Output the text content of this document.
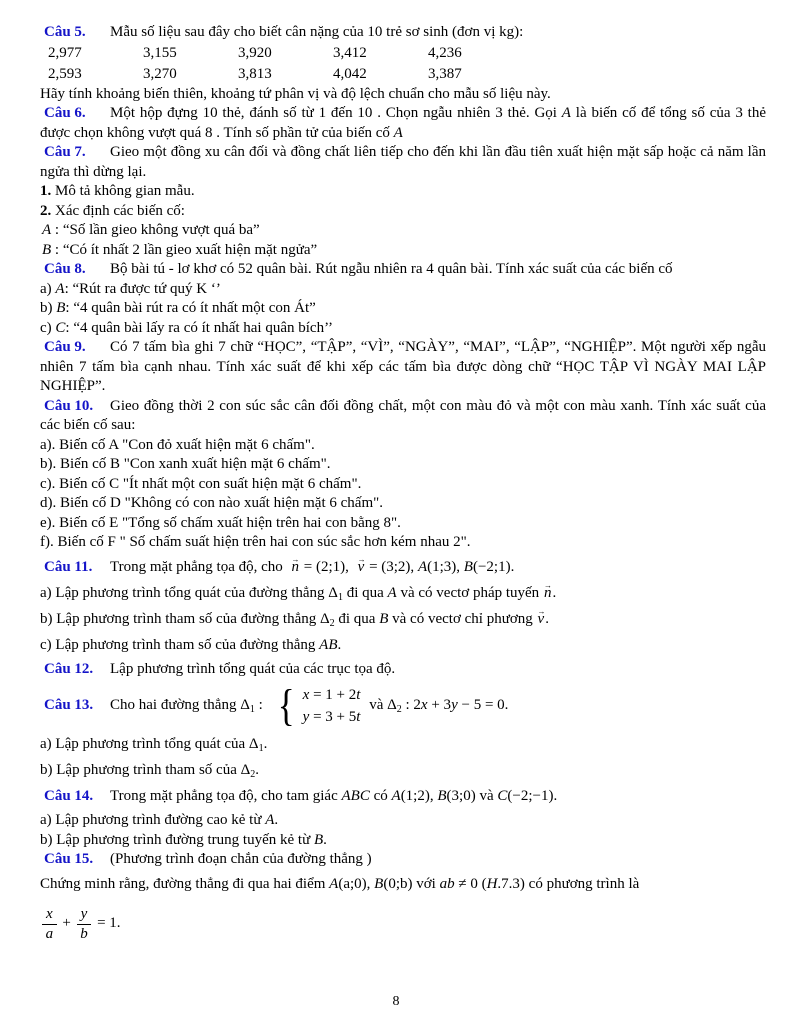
Câu 5. Mẫu số liệu sau đây cho biết cân nặng của 10 trẻ sơ sinh (đơn vị kg):
2,977	3,155	3,920	3,412	4,236
2,593	3,270	3,813	4,042	3,387
Hãy tính khoảng biến thiên, khoảng tứ phân vị và độ lệch chuẩn cho mẫu số liệu này.
Câu 6. Một hộp đựng 10 thẻ, đánh số từ 1 đến 10 . Chọn ngẫu nhiên 3 thẻ. Gọi A là biến cố để tổng số của 3 thẻ được chọn không vượt quá 8 . Tính số phần tử của biến cố A
Câu 7. Gieo một đồng xu cân đối và đồng chất liên tiếp cho đến khi lần đầu tiên xuất hiện mặt sấp hoặc cả năm lần ngửa thì dừng lại.
1. Mô tả không gian mẫu.
2. Xác định các biến cố:
A : “Số lần gieo không vượt quá ba”
B : “Có ít nhất 2 lần gieo xuất hiện mặt ngửa”
Câu 8. Bộ bài tú - lơ khơ có 52 quân bài. Rút ngẫu nhiên ra 4 quân bài. Tính xác suất của các biến cố
a) A: “Rút ra được tứ quý K ‘’
b) B: “4 quân bài rút ra có ít nhất một con Át”
c) C: “4 quân bài lấy ra có ít nhất hai quân bích’’
Câu 9. Có 7 tấm bìa ghi 7 chữ “HỌC”, “TẬP”, “VÌ”, “NGÀY”, “MAI”, “LẬP”, “NGHIỆP”. Một người xếp ngẫu nhiên 7 tấm bìa cạnh nhau. Tính xác suất để khi xếp các tấm bìa được dòng chữ “HỌC TẬP VÌ NGÀY MAI LẬP NGHIỆP”.
Câu 10. Gieo đồng thời 2 con súc sắc cân đối đồng chất, một con màu đỏ và một con màu xanh. Tính xác suất của các biến cố sau:
a). Biến cố A "Con đỏ xuất hiện mặt 6 chấm".
b). Biến cố B "Con xanh xuất hiện mặt 6 chấm".
c). Biến cố C "Ít nhất một con suất hiện mặt 6 chấm".
d). Biến cố D "Không có con nào xuất hiện mặt 6 chấm".
e). Biến cố E "Tổng số chấm xuất hiện trên hai con bằng 8".
f). Biến cố F " Số chấm suất hiện trên hai con súc sắc hơn kém nhau 2".
Câu 11. Trong mặt phẳng tọa độ, cho → n = (2;1), → v = (3;2), A(1;3), B(−2;1).
a) Lập phương trình tổng quát của đường thẳng $\Delta_1$ đi qua A và có vectơ pháp tuyến → n.
b) Lập phương trình tham số của đường thẳng $\Delta_2$ đi qua B và có vectơ chỉ phương → v.
c) Lập phương trình tham số của đường thẳng AB.
Câu 12. Lập phương trình tổng quát của các trục tọa độ.
Câu 13. Cho hai đường thẳng $\Delta_1$ : { x = 1 + 2t
y = 3 + 5t
và $\Delta_2$ : 2x + 3y − 5 = 0.
a) Lập phương trình tổng quát của $\Delta_1$.
b) Lập phương trình tham số của $\Delta_2$.
Câu 14. Trong mặt phẳng tọa độ, cho tam giác ABC có A(1;2), B(3;0) và C(−2;−1).
a) Lập phương trình đường cao kẻ từ A.
b) Lập phương trình đường trung tuyến kẻ từ B.
Câu 15. (Phương trình đoạn chắn của đường thẳng )
Chứng minh rằng, đường thẳng đi qua hai điểm A(a;0), B(0;b) với ab ≠ 0 (H.7.3) có phương trình là
$\frac{x}{a} + \frac{y}{b} = 1$.
8
